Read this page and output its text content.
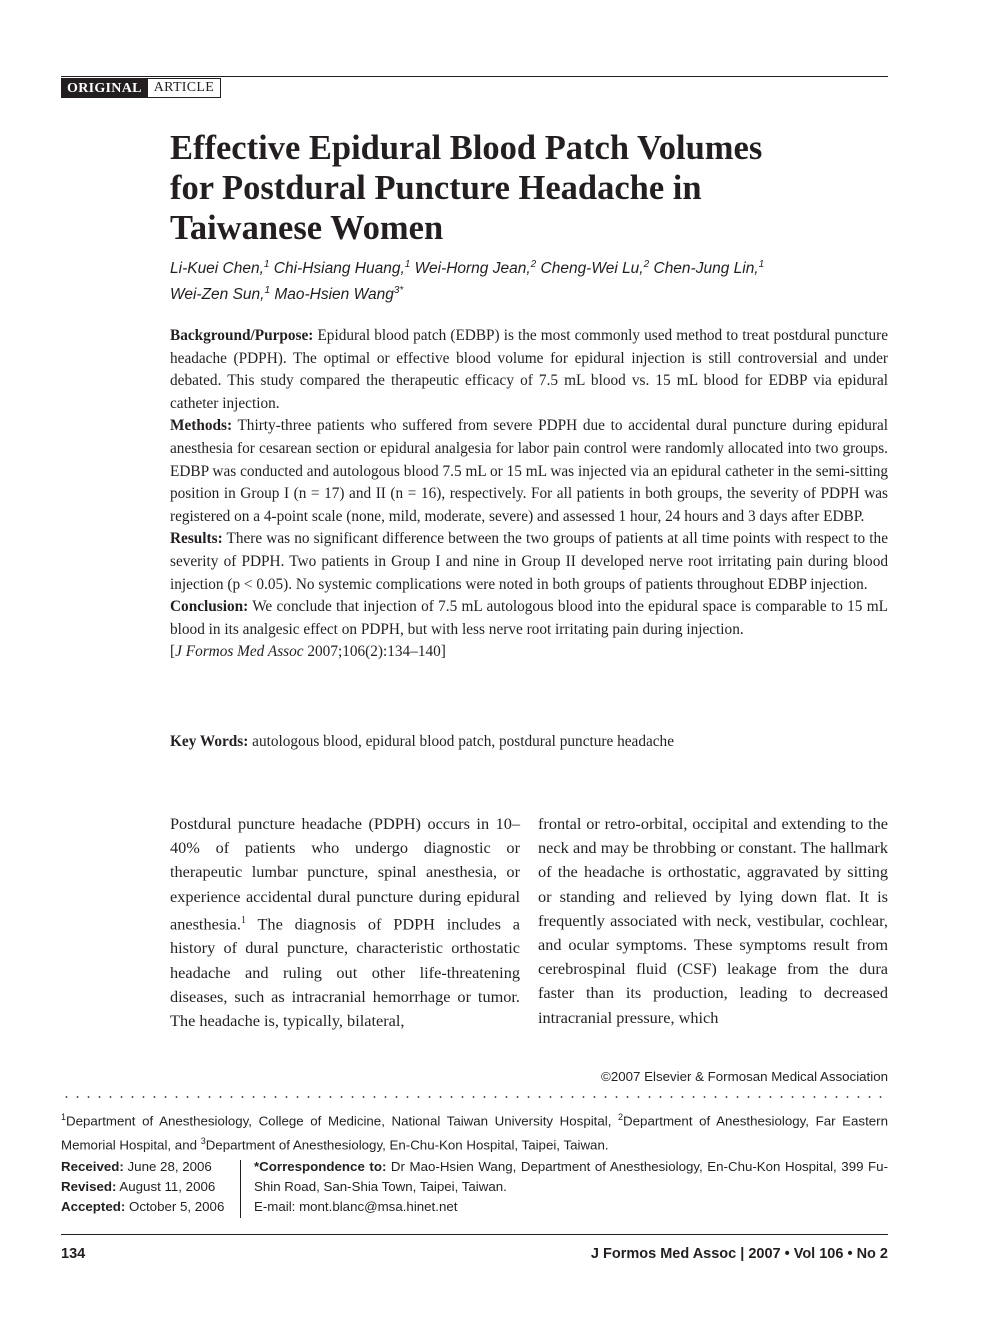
ORIGINAL ARTICLE
Effective Epidural Blood Patch Volumes
for Postdural Puncture Headache in
Taiwanese Women
Li-Kuei Chen,$^1$ Chi-Hsiang Huang,$^1$ Wei-Horng Jean,$^2$ Cheng-Wei Lu,$^2$ Chen-Jung Lin,$^1$
Wei-Zen Sun,$^1$ Mao-Hsien Wang$^{3*}$

Background/Purpose: Epidural blood patch (EDBP) is the most commonly used method to treat postdural puncture headache (PDPH). The optimal or effective blood volume for epidural injection is still controversial and under debated. This study compared the therapeutic efficacy of 7.5 mL blood vs. 15 mL blood for EDBP via epidural catheter injection.

Methods: Thirty-three patients who suffered from severe PDPH due to accidental dural puncture during epidural anesthesia for cesarean section or epidural analgesia for labor pain control were randomly allocated into two groups. EDBP was conducted and autologous blood 7.5 mL or 15 mL was injected via an epidural catheter in the semi-sitting position in Group I (n = 17) and II (n = 16), respectively. For all patients in both groups, the severity of PDPH was registered on a 4-point scale (none, mild, moderate, severe) and assessed 1 hour, 24 hours and 3 days after EDBP.

Results: There was no significant difference between the two groups of patients at all time points with respect to the severity of PDPH. Two patients in Group I and nine in Group II developed nerve root irritating pain during blood injection (p < 0.05). No systemic complications were noted in both groups of patients throughout EDBP injection.

Conclusion: We conclude that injection of 7.5 mL autologous blood into the epidural space is comparable to 15 mL blood in its analgesic effect on PDPH, but with less nerve root irritating pain during injection.

[J Formos Med Assoc 2007;106(2):134–140]

Key Words: autologous blood, epidural blood patch, postdural puncture headache
Postdural puncture headache (PDPH) occurs in 10–40% of patients who undergo diagnostic or therapeutic lumbar puncture, spinal anesthesia, or experience accidental dural puncture during epidural anesthesia.$^1$ The diagnosis of PDPH includes a history of dural puncture, characteristic orthostatic headache and ruling out other life-threatening diseases, such as intracranial hemorrhage or tumor. The headache is, typically, bilateral,
frontal or retro-orbital, occipital and extending to the neck and may be throbbing or constant. The hallmark of the headache is orthostatic, aggravated by sitting or standing and relieved by lying down flat. It is frequently associated with neck, vestibular, cochlear, and ocular symptoms. These symptoms result from cerebrospinal fluid (CSF) leakage from the dura faster than its production, leading to decreased intracranial pressure, which
©2007 Elsevier & Formosan Medical Association
$^1$Department of Anesthesiology, College of Medicine, National Taiwan University Hospital, $^2$Department of Anesthesiology, Far Eastern Memorial Hospital, and $^3$Department of Anesthesiology, En-Chu-Kon Hospital, Taipei, Taiwan.
Received: June 28, 2006
Revised: August 11, 2006
Accepted: October 5, 2006
*Correspondence to: Dr Mao-Hsien Wang, Department of Anesthesiology, En-Chu-Kon Hospital, 399 Fu-Shin Road, San-Shia Town, Taipei, Taiwan.
E-mail: mont.blanc@msa.hinet.net
134	J Formos Med Assoc | 2007 • Vol 106 • No 2
